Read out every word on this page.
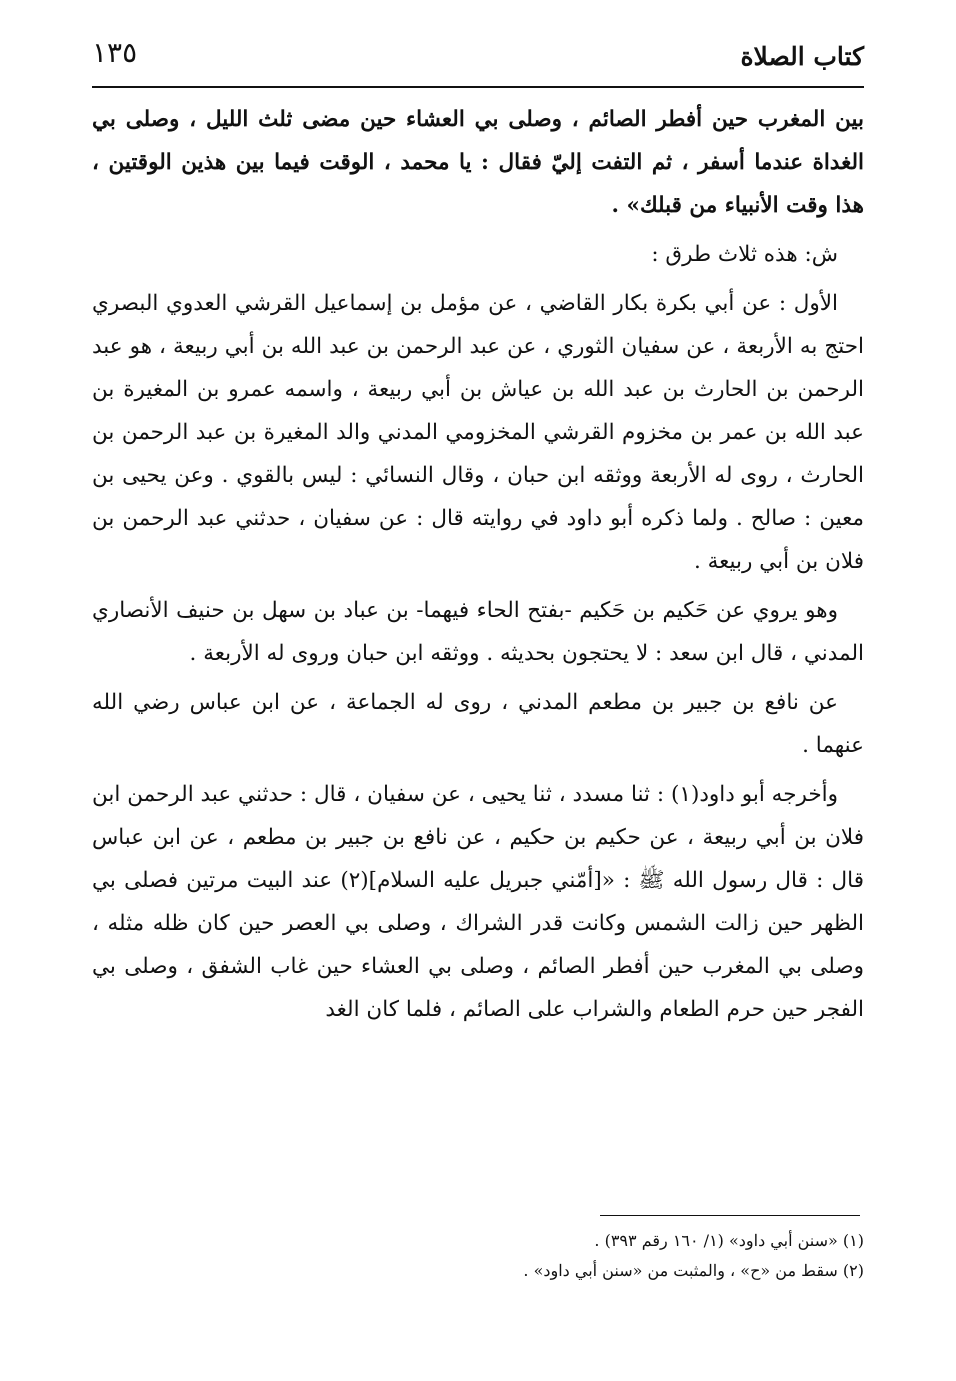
كتاب الصلاة
١٣٥

بين المغرب حين أفطر الصائم ، وصلى بي العشاء حين مضى ثلث الليل ، وصلى بي الغداة عندما أسفر ، ثم التفت إليّ فقال : يا محمد ، الوقت فيما بين هذين الوقتين ، هذا وقت الأنبياء من قبلك» .

ش: هذه ثلاث طرق :

الأول : عن أبي بكرة بكار القاضي ، عن مؤمل بن إسماعيل القرشي العدوي البصري احتج به الأربعة ، عن سفيان الثوري ، عن عبد الرحمن بن عبد الله بن أبي ربيعة ، هو عبد الرحمن بن الحارث بن عبد الله بن عياش بن أبي ربيعة ، واسمه عمرو بن المغيرة بن عبد الله بن عمر بن مخزوم القرشي المخزومي المدني والد المغيرة بن عبد الرحمن بن الحارث ، روى له الأربعة ووثقه ابن حبان ، وقال النسائي : ليس بالقوي . وعن يحيى بن معين : صالح . ولما ذكره أبو داود في روايته قال : عن سفيان ، حدثني عبد الرحمن بن فلان بن أبي ربيعة .

وهو يروي عن حَكيم بن حَكيم -بفتح الحاء فيهما- بن عباد بن سهل بن حنيف الأنصاري المدني ، قال ابن سعد : لا يحتجون بحديثه . ووثقه ابن حبان وروى له الأربعة .

عن نافع بن جبير بن مطعم المدني ، روى له الجماعة ، عن ابن عباس رضي الله عنهما .

وأخرجه أبو داود(١) : ثنا مسدد ، ثنا يحيى ، عن سفيان ، قال : حدثني عبد الرحمن ابن فلان بن أبي ربيعة ، عن حكيم بن حكيم ، عن نافع بن جبير بن مطعم ، عن ابن عباس قال : قال رسول الله ﷺ : «[أمّني جبريل عليه السلام](٢) عند البيت مرتين فصلى بي الظهر حين زالت الشمس وكانت قدر الشراك ، وصلى بي العصر حين كان ظله مثله ، وصلى بي المغرب حين أفطر الصائم ، وصلى بي العشاء حين غاب الشفق ، وصلى بي الفجر حين حرم الطعام والشراب على الصائم ، فلما كان الغد

(١) «سنن أبي داود» (١/ ١٦٠ رقم ٣٩٣) .

(٢) سقط من «ح» ، والمثبت من «سنن أبي داود» .
